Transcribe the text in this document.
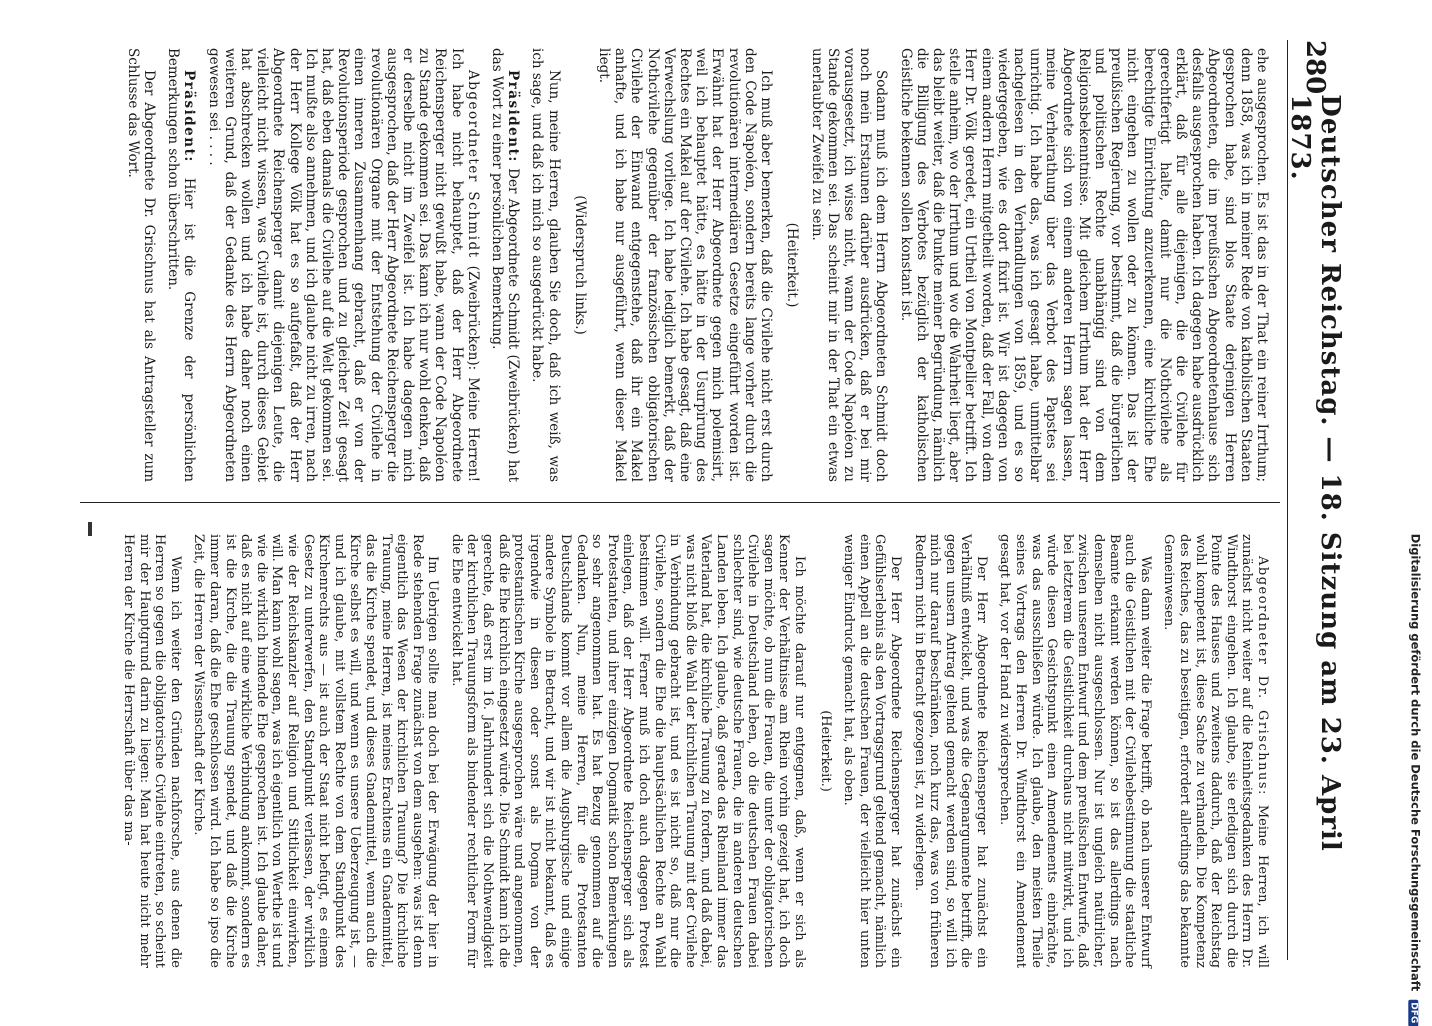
280
Deutscher Reichstag. — 18. Sitzung am 23. April 1873.

ehe ausgesprochen. Es ist das in der That ein reiner Irrthum; denn 1858, was ich in meiner Rede von katholischen Staaten gesprochen habe, sind blos Staate derjenigen Herren Abgeordneten, die im preußischen Abgeordnetenhause sich desfalls ausgesprochen haben. Ich dagegen habe ausdrücklich erklärt, daß für alle diejenigen, die die Civilehe für gerechtfertigt halte, damit nur die Nothcivilehe als berechtigte Einrichtung anzuerkennen, eine kirchliche Ehe nicht eingehen zu wollen oder zu können. Das ist der preußischen Regierung, vor bestimmt, daß die bürgerlichen und politischen Rechte unabhängig sind von dem Religionsbekenntnisse. Mit gleichem Irrthum hat der Herr Abgeordnete sich von einem anderen Herrn sagen lassen, meine Verheirathung über das Verbot des Papstes sei unrichtig. Ich habe das, was ich gesagt habe, unmittelbar nachgelesen in den Verhandlungen von 1859, und es so wiedergegeben, wie es dort fixirt ist. Wir ist dagegen von einem andern Herrn mitgetheilt worden, daß der Fall, von dem Herr Dr. Völk geredet, ein Urtheil von Montpellier betrifft. Ich stelle anheim, wo der Irrthum und wo die Wahrheit liegt, aber das bleibt weiter, daß die Punkte meiner Begründung, nämlich die Billigung des Verbotes bezüglich der katholischen Geistliche bekennen sollen konstant ist.

Sodann muß ich dem Herrn Abgeordneten Schmidt doch noch mein Erstaunen darüber ausdrücken, daß er bei mir vorausgesetzt, ich wisse nicht, wann der Code Napoléon zu Stande gekommen sei. Das scheint mir in der That ein etwas unerlaubter Zweifel zu sein.

(Heiterkeit.)

Ich muß aber bemerken, daß die Civilehe nicht erst durch den Code Napoléon, sondern bereits lange vorher durch die revolutionären intermediären Gesetze eingeführt worden ist. Erwähnt hat der Herr Abgeordnete gegen mich polemisirt, weil ich behauptet hätte, es hätte in der Usurpirung des Rechtes ein Makel auf der Civilehe. Ich habe gesagt, daß eine Verwechslung vorliege. Ich habe lediglich bemerkt, daß der Nothcivilehe gegenüber der französischen obligatorischen Civilehe der Einwand entgegenstehe, daß ihr ein Makel anhafte, und ich habe nur ausgeführt, wenn dieser Makel liegt.

(Widerspruch links.)

Nun, meine Herren, glauben Sie doch, daß ich weiß, was ich sage, und daß ich mich so ausgedrückt habe.

Präsident: Der Abgeordnete Schmidt (Zweibrücken) hat das Wort zu einer persönlichen Bemerkung.

Abgeordneter Schmidt (Zweibrücken): Meine Herren! Ich habe nicht behauptet, daß der Herr Abgeordnete Reichensperger nicht gewußt habe, wann der Code Napoléon zu Stande gekommen sei. Das kann ich nur wohl denken, daß er derselbe nicht im Zweifel ist. Ich habe dagegen mich ausgesprochen, daß der Herr Abgeordnete Reichensperger die revolutionären Organe mit der Entstehung der Civilehe in einen inneren Zusammenhang gebracht, daß er von der Revolutionsperiode gesprochen und zu gleicher Zeit gesagt hat, daß eben damals die Civilehe auf die Welt gekommen sei. Ich mußte also annehmen, und ich glaube nicht zu irren, nach der Herr Kollege Völk hat es so aufgefaßt, daß der Herr Abgeordnete Reichensperger damit diejenigen Leute, die vielleicht nicht wissen, was Civilehe ist, durch dieses Gebiet hat abschrecken wollen und ich habe daher noch einen weiteren Grund, daß der Gedanke des Herrn Abgeordneten gewesen sei . . . .

Präsident: Hier ist die Grenze der persönlichen Bemerkungen schon überschritten.

Der Abgeordnete Dr. Grischnus hat als Antragsteller zum Schlusse das Wort.

Abgeordneter Dr. Grischnus: Meine Herren, ich will zunächst nicht weiter auf die Reinheitsgedanken des Herrn Dr. Windthorst eingehen. Ich glaube, sie erledigen sich durch die Pointe des Hauses und zweitens dadurch, daß der Reichstag wohl kompetent ist, diese Sache zu verhandeln. Die Kompetenz des Reiches, das zu beseitigen, erfordert allerdings das bekannte Gemeinwesen.

Was dann weiter die Frage betrifft, ob nach unserer Entwurf auch die Geistlichen mit der Civilehebestimmung die staatliche Beamte erkannt werden können, so ist das allerdings nach demselben nicht ausgeschlossen. Nur ist ungleich natürlicher, zwischen unserem Entwurf und dem preußischen Entwurfe, daß bei letzterem die Geistlichkeit durchaus nicht mitwirkt, und ich würde diesen Gesichtspunkt einen Amendements einbrächte, was das ausschließen würde. Ich glaube, den meisten Theile seines Vortrags den Herren Dr. Windthorst ein Amendement gesagt hat, vor der Hand zu widersprechen.

Der Herr Abgeordnete Reichensperger hat zunächst ein Verhältniß entwickelt, und was die Gegenargumente betrifft, die gegen unsern Antrag geltend gemacht werden sind, so will ich mich nur darauf beschränken, noch kurz das, was von früheren Rednern nicht in Betracht gezogen ist, zu widerlegen.

Der Herr Abgeordnete Reichensperger hat zunächst ein Gefühlserlebnis als den Vortragsgrund geltend gemacht, nämlich einen Appell an die deutschen Frauen, der vielleicht hier unten weniger Eindruck gemacht hat, als oben.

(Heiterkeit.)

Ich möchte darauf nur entgegnen, daß, wenn er sich als Kenner der Verhältnisse am Rhein vorhin gezeigt hat, ich doch sagen möchte, ob nun die Frauen, die unter der obligatorischen Civilehe in Deutschland leben, ob die deutschen Frauen dabei schlechter sind, wie deutsche Frauen, die in anderen deutschen Landen leben. Ich glaube, daß gerade das Rheinland immer das Vaterland hat, die kirchliche Trauung zu fordern, und daß dabei, was nicht bloß die Wahl der kirchlichen Trauung mit der Civilehe in Verbindung gebracht ist, und es ist nicht so, daß nur die Civilehe, sondern die Ehe die hauptsächlichen Rechte an Wahl bestimmen will. Ferner muß ich doch auch dagegen Protest einlegen, daß der Herr Abgeordnete Reichensperger sich als Protestanten, und ihrer einzigen Dogmatik schon Bemerkungen so sehr angenommen hat. Es hat Bezug genommen auf die Gedanken. Nun, meine Herren, für die Protestanten Deutschlands kommt vor allem die Augsburgische und einige andere Symbole in Betracht, und wir ist nicht bekannt, daß es irgendwie in diesen oder sonst als Dogma von der protestantischen Kirche ausgesprochen wäre und angenommen, daß die Ehe kirchlich eingesetzt würde. Die Schmidt kann ich die gerechte, daß erst im 16. Jahrhundert sich die Nothwendigkeit der kirchlichen Trauungsform als bindender rechtlicher Form für die Ehe entwickelt hat.

Im Uebrigen sollte man doch bei der Erwägung der hier in Rede stehenden Frage zunächst von dem ausgehen: was ist denn eigentlich das Wesen der kirchlichen Trauung? Die kirchliche Trauung, meine Herren, ist meines Erachtens ein Gnadenmittel, das die Kirche spendet, und dieses Gnadenmittel, wenn auch die Kirche selbst es will, und wenn es unsere Ueberzeugung ist, — und ich glaube, mit vollstem Rechte von dem Standpunkt des Kirchenrechts aus — ist auch der Staat nicht befugt, es einem Gesetz zu unterwerfen, den Standpunkt verlassen, der wirklich wie der Reichskanzler auf Religion und Sittlichkeit einwirken, will. Man kann wohl sagen, was ich eigentlich von Werthe ist und wie die wirklich bindende Ehe gesprochen ist. Ich glaube daher, daß es nicht auf eine wirkliche Verbindung ankommt, sondern es ist die Kirche, die die Trauung spendet, und daß die Kirche immer daran, daß die Ehe geschlossen wird. Ich habe so ipso die Zeit, die Herren der Wissenschaft der Kirche.

Wenn ich weiter den Gründen nachforsche, aus denen die Herren so gegen die obligatorische Civilehe eintreten, so scheint mir der Hauptgrund darin zu liegen: Man hat heute nicht mehr Herren der Kirche die Herrschaft über das ma-	Digitalisierung gefördert durch die Deutsche Forschungsgemeinschaft DFG
